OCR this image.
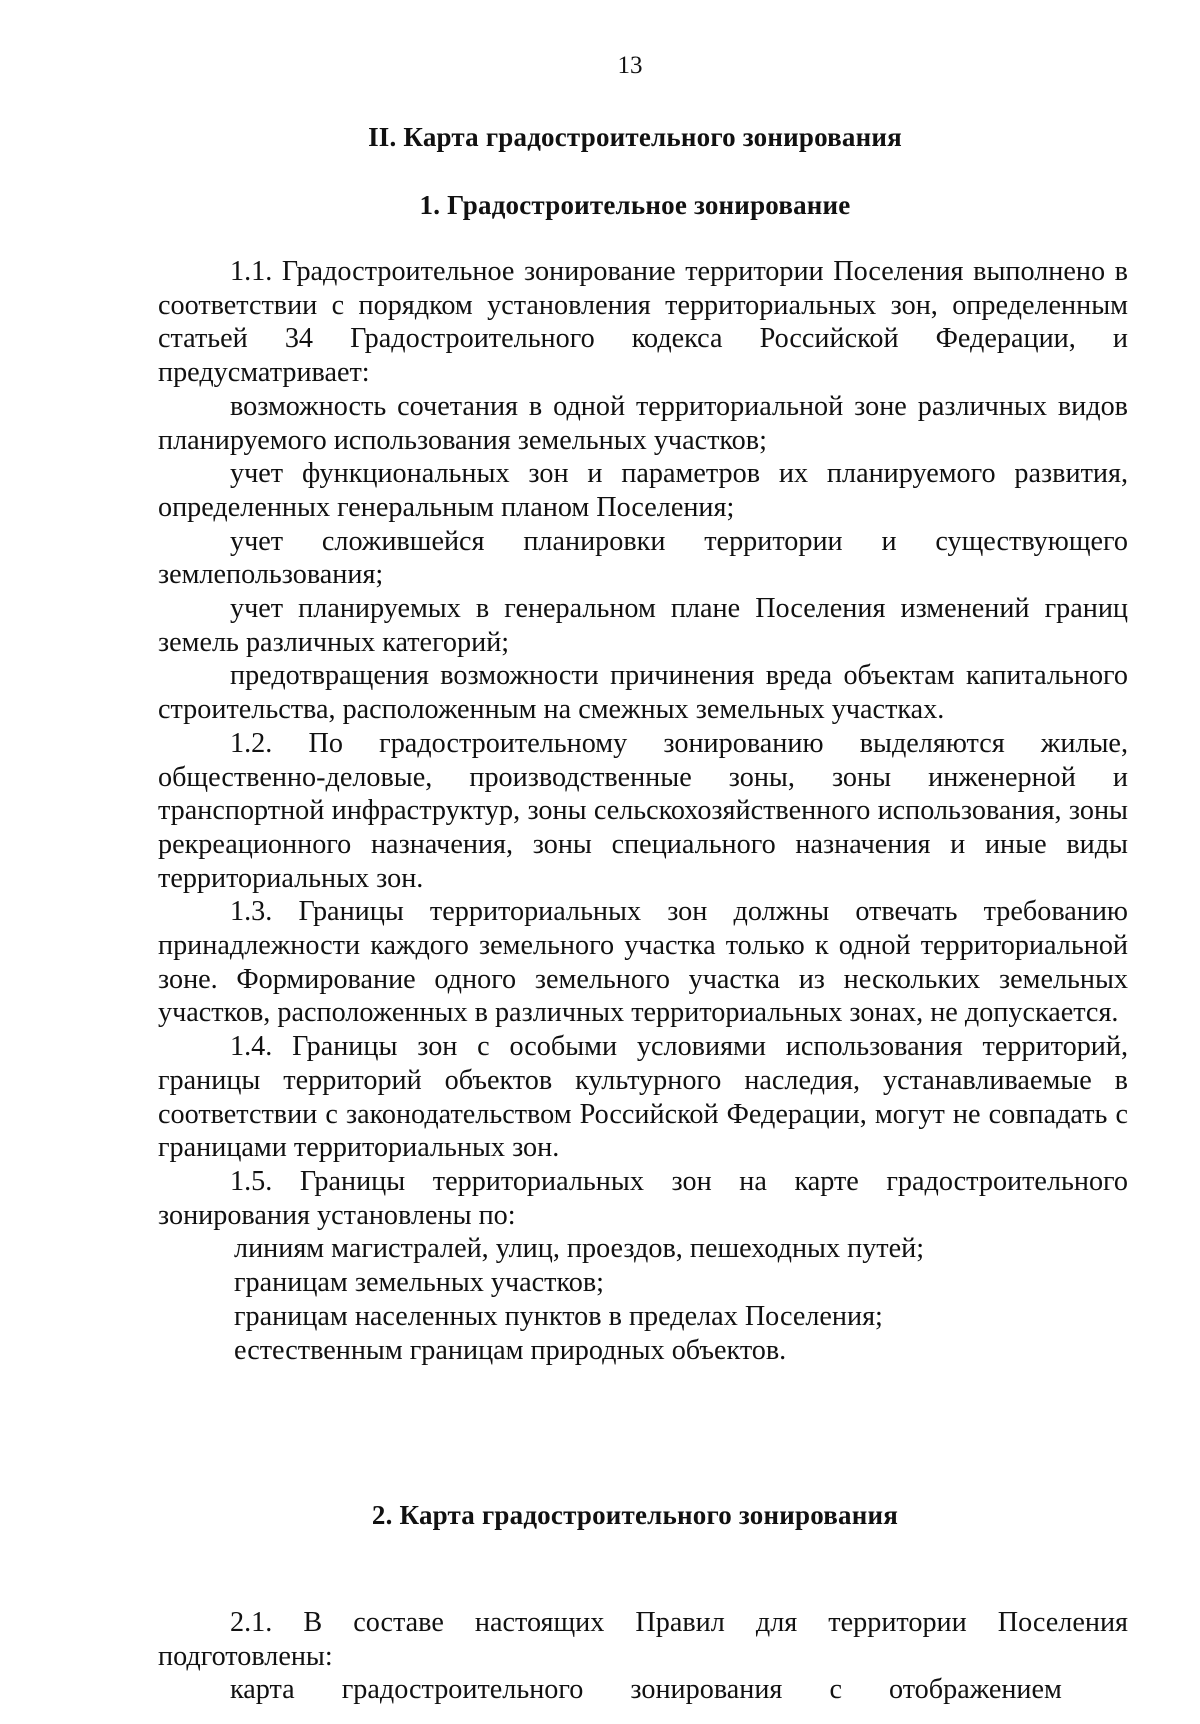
13
II. Карта градостроительного зонирования
1. Градостроительное зонирование

1.1. Градостроительное зонирование территории Поселения выполнено в соответствии с порядком установления территориальных зон, определенным статьей 34 Градостроительного кодекса Российской Федерации, и предусматривает:

возможность сочетания в одной территориальной зоне различных видов планируемого использования земельных участков;

учет функциональных зон и параметров их планируемого развития, определенных генеральным планом Поселения;

учет сложившейся планировки территории и существующего землепользования;

учет планируемых в генеральном плане Поселения изменений границ земель различных категорий;

предотвращения возможности причинения вреда объектам капитального строительства, расположенным на смежных земельных участках.

1.2. По градостроительному зонированию выделяются жилые, общественно-деловые, производственные зоны, зоны инженерной и транспортной инфраструктур, зоны сельскохозяйственного использования, зоны рекреационного назначения, зоны специального назначения и иные виды территориальных зон.

1.3. Границы территориальных зон должны отвечать требованию принадлежности каждого земельного участка только к одной территориальной зоне. Формирование одного земельного участка из нескольких земельных участков, расположенных в различных территориальных зонах, не допускается.

1.4. Границы зон с особыми условиями использования территорий, границы территорий объектов культурного наследия, устанавливаемые в соответствии с законодательством Российской Федерации, могут не совпадать с границами территориальных зон.

1.5. Границы территориальных зон на карте градостроительного зонирования установлены по:

линиям магистралей, улиц, проездов, пешеходных путей;

границам земельных участков;

границам населенных пунктов в пределах Поселения;

естественным границам природных объектов.

2. Карта градостроительного зонирования

2.1. В составе настоящих Правил для территории Поселения подготовлены:

карта градостроительного зонирования с отображением
